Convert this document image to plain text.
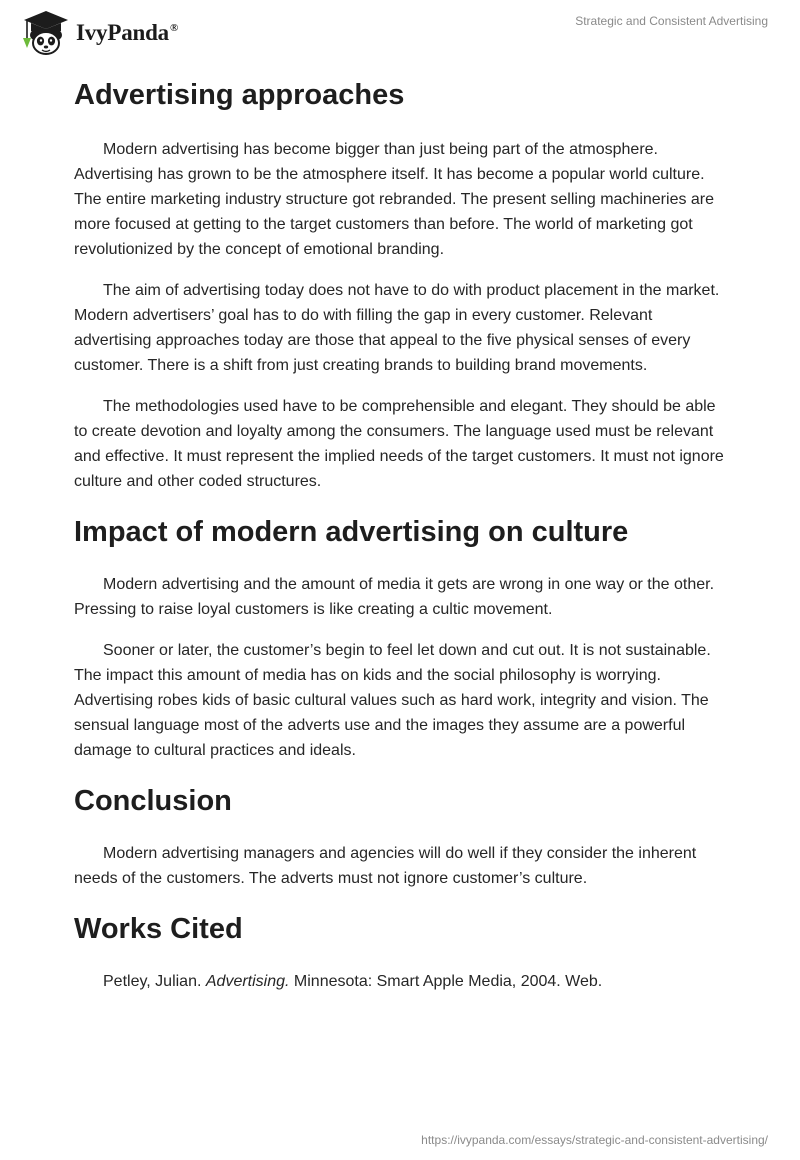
IvyPanda®
Strategic and Consistent Advertising
Advertising approaches

Modern advertising has become bigger than just being part of the atmosphere. Advertising has grown to be the atmosphere itself. It has become a popular world culture. The entire marketing industry structure got rebranded. The present selling machineries are more focused at getting to the target customers than before. The world of marketing got revolutionized by the concept of emotional branding.

The aim of advertising today does not have to do with product placement in the market. Modern advertisers’ goal has to do with filling the gap in every customer. Relevant advertising approaches today are those that appeal to the five physical senses of every customer. There is a shift from just creating brands to building brand movements.

The methodologies used have to be comprehensible and elegant. They should be able to create devotion and loyalty among the consumers. The language used must be relevant and effective. It must represent the implied needs of the target customers. It must not ignore culture and other coded structures.

Impact of modern advertising on culture

Modern advertising and the amount of media it gets are wrong in one way or the other. Pressing to raise loyal customers is like creating a cultic movement.

Sooner or later, the customer’s begin to feel let down and cut out. It is not sustainable. The impact this amount of media has on kids and the social philosophy is worrying. Advertising robes kids of basic cultural values such as hard work, integrity and vision. The sensual language most of the adverts use and the images they assume are a powerful damage to cultural practices and ideals.

Conclusion

Modern advertising managers and agencies will do well if they consider the inherent needs of the customers. The adverts must not ignore customer’s culture.

Works Cited
Petley, Julian. Advertising. Minnesota: Smart Apple Media, 2004. Web.
https://ivypanda.com/essays/strategic-and-consistent-advertising/
